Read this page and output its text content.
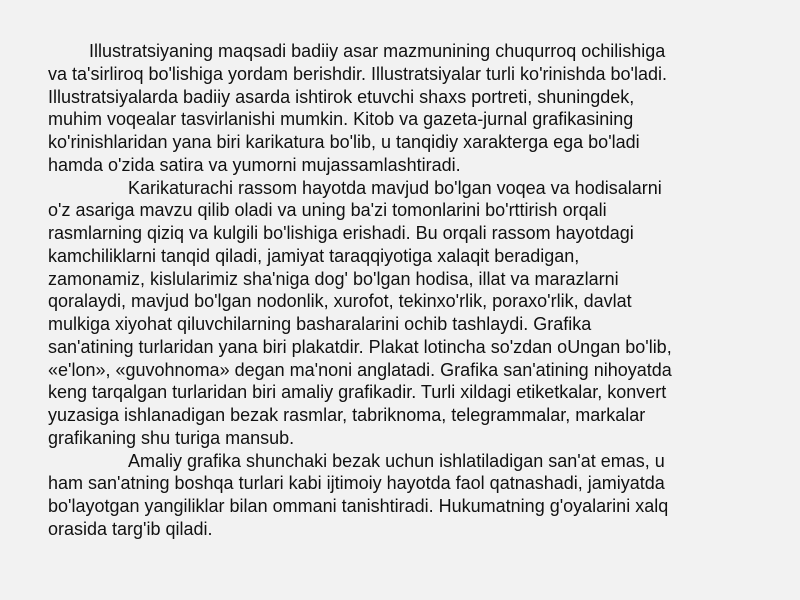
Illustratsiyaning maqsadi badiiy asar mazmunining chuqurroq ochilishiga
va ta'sirliroq bo'lishiga yordam berishdir. Illustratsiyalar turli ko'rinishda bo'ladi.
Illustratsiyalarda badiiy asarda ishtirok etuvchi shaxs portreti, shuningdek,
muhim voqealar tasvirlanishi mumkin. Kitob va gazeta-jurnal grafikasining
ko'rinishlaridan yana biri karikatura bo'lib, u tanqidiy xarakterga ega bo'ladi
hamda o'zida satira va yumorni mujassamlashtiradi.
Karikaturachi rassom hayotda mavjud bo'lgan voqea va hodisalarni
o'z asariga mavzu qilib oladi va uning ba'zi tomonlarini bo'rttirish orqali
rasmlarning qiziq va kulgili bo'lishiga erishadi. Bu orqali rassom hayotdagi
kamchiliklarni tanqid qiladi, jamiyat taraqqiyotiga xalaqit beradigan,
zamonamiz, kislularimiz sha'niga dog' bo'lgan hodisa, illat va marazlarni
qoralaydi, mavjud bo'lgan nodonlik, xurofot, tekinxo'rlik, poraxo'rlik, davlat
mulkiga xiyohat qiluvchilarning basharalarini ochib tashlaydi. Grafika
san'atining turlaridan yana biri plakatdir. Plakat lotincha so'zdan oUngan bo'lib,
«e'lon», «guvohnoma» degan ma'noni anglatadi. Grafika san'atining nihoyatda
keng tarqalgan turlaridan biri amaliy grafikadir. Turli xildagi etiketkalar, konvert
yuzasiga ishlanadigan bezak rasmlar, tabriknoma, telegrammalar, markalar
grafikaning shu turiga mansub.
Amaliy grafika shunchaki bezak uchun ishlatiladigan san'at emas, u
ham san'atning boshqa turlari kabi ijtimoiy hayotda faol qatnashadi, jamiyatda
bo'layotgan yangiliklar bilan ommani tanishtiradi. Hukumatning g'oyalarini xalq
orasida targ'ib qiladi.
